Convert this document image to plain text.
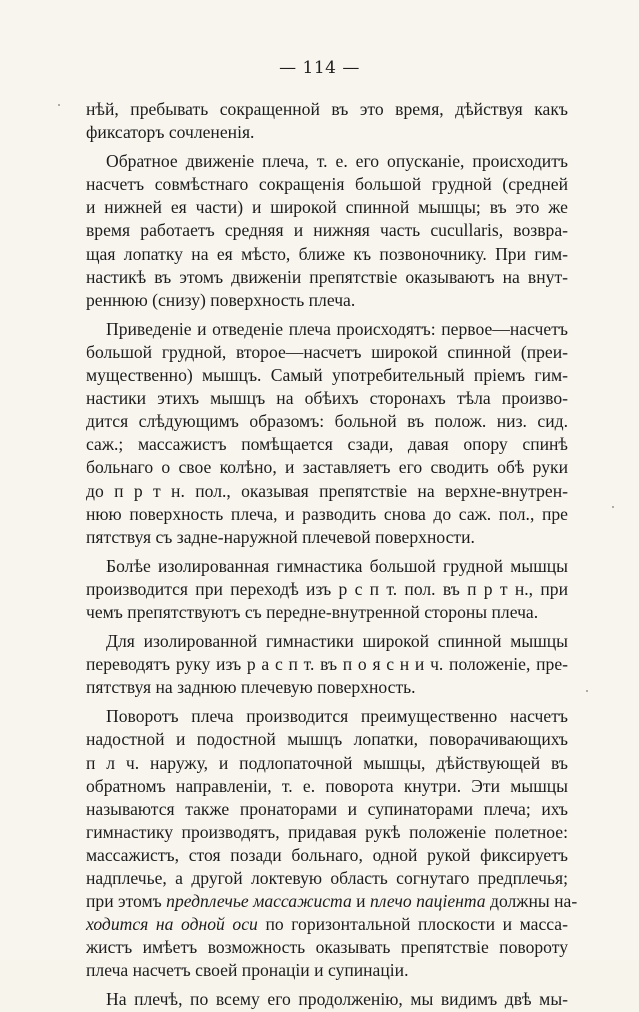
— 114 —
нѣй, пребывать сокращенной въ это время, дѣйствуя какъ
фиксаторъ сочлененія.
Обратное движеніе плеча, т. е. его опусканіе, происходитъ
насчетъ совмѣстнаго сокращенія большой грудной (средней
и нижней ея части) и широкой спинной мышцы; въ это же
время работаетъ средняя и нижняя часть cucullaris, возвра-
щая лопатку на ея мѣсто, ближе къ позвоночнику. При гим-
настикѣ въ этомъ движеніи препятствіе оказываютъ на внут-
реннюю (снизу) поверхность плеча.
Приведеніе и отведеніе плеча происходятъ: первое—насчетъ
большой грудной, второе—насчетъ широкой спинной (преи-
мущественно) мышцъ. Самый употребительный пріемъ гим-
настики этихъ мышцъ на обѣихъ сторонахъ тѣла произво-
дится слѣдующимъ образомъ: больной въ полож. низ. сид.
саж.; массажистъ помѣщается сзади, давая опору спинѣ
больнаго о свое колѣно, и заставляетъ его сводить обѣ руки
до п р т н. пол., оказывая препятствіе на верхне-внутрен-
нюю поверхность плеча, и разводить снова до саж. пол., пре
пятствуя съ задне-наружной плечевой поверхности.
Болѣе изолированная гимнастика большой грудной мышцы
производится при переходѣ изъ р с п т. пол. въ п р т н., при
чемъ препятствуютъ съ передне-внутренной стороны плеча.
Для изолированной гимнастики широкой спинной мышцы
переводятъ руку изъ р а с п т. въ п о я с н и ч. положеніе, пре-
пятствуя на заднюю плечевую поверхность.
Поворотъ плеча производится преимущественно насчетъ
надостной и подостной мышцъ лопатки, поворачивающихъ
п л ч. наружу, и подлопаточной мышцы, дѣйствующей въ
обратномъ направленіи, т. е. поворота кнутри. Эти мышцы
называются также пронаторами и супинаторами плеча; ихъ
гимнастику производятъ, придавая рукѣ положеніе полетное:
массажистъ, стоя позади больнаго, одной рукой фиксируетъ
надплечье, а другой локтевую область согнутаго предплечья;
при этомъ предплечье массажиста и плечо паціента должны на-
ходится на одной оси по горизонтальной плоскости и масса-
жистъ имѣетъ возможность оказывать препятствіе повороту
плеча насчетъ своей пронаціи и супинаціи.
На плечѣ, по всему его продолженію, мы видимъ двѣ мы-
